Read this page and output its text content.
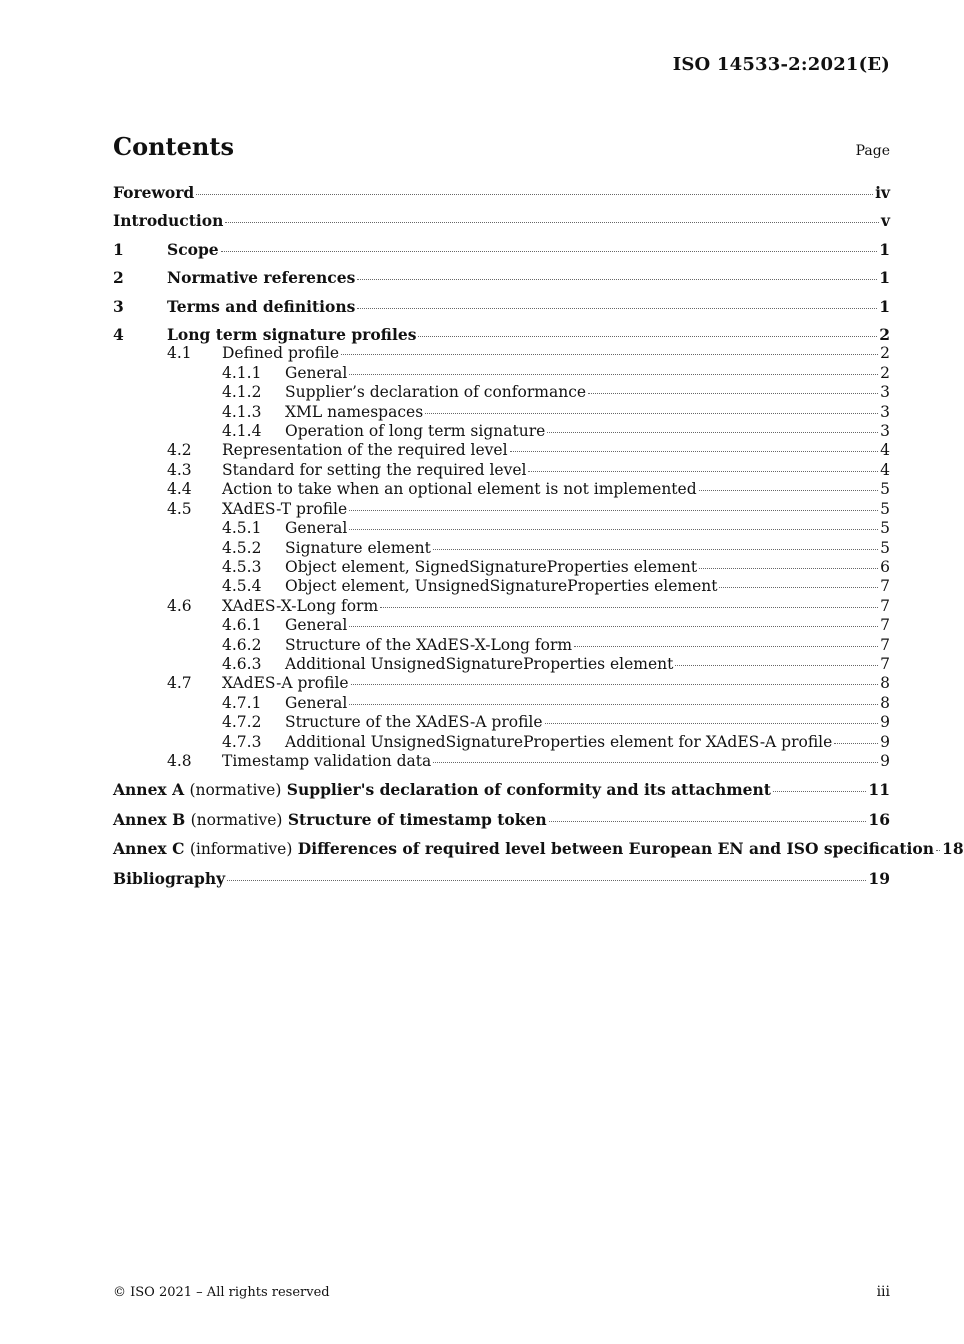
ISO 14533-2:2021(E)
Contents	Page
Foreword	iv
Introduction	v
1	Scope	1
2	Normative references	1
3	Terms and definitions	1
4	Long term signature profiles	2
4.1	Defined profile	2
4.1.1	General	2
4.1.2	Supplier’s declaration of conformance	3
4.1.3	XML namespaces	3
4.1.4	Operation of long term signature	3
4.2	Representation of the required level	4
4.3	Standard for setting the required level	4
4.4	Action to take when an optional element is not implemented	5
4.5	XAdES-T profile	5
4.5.1	General	5
4.5.2	Signature element	5
4.5.3	Object element, SignedSignatureProperties element	6
4.5.4	Object element, UnsignedSignatureProperties element	7
4.6	XAdES-X-Long form	7
4.6.1	General	7
4.6.2	Structure of the XAdES-X-Long form	7
4.6.3	Additional UnsignedSignatureProperties element	7
4.7	XAdES-A profile	8
4.7.1	General	8
4.7.2	Structure of the XAdES-A profile	9
4.7.3	Additional UnsignedSignatureProperties element for XAdES-A profile	9
4.8	Timestamp validation data	9
Annex A (normative) Supplier's declaration of conformity and its attachment	11
Annex B (normative) Structure of timestamp token	16
Annex C (informative) Differences of required level between European EN and ISO specification 18
Bibliography	19
© ISO 2021 – All rights reserved	iii
